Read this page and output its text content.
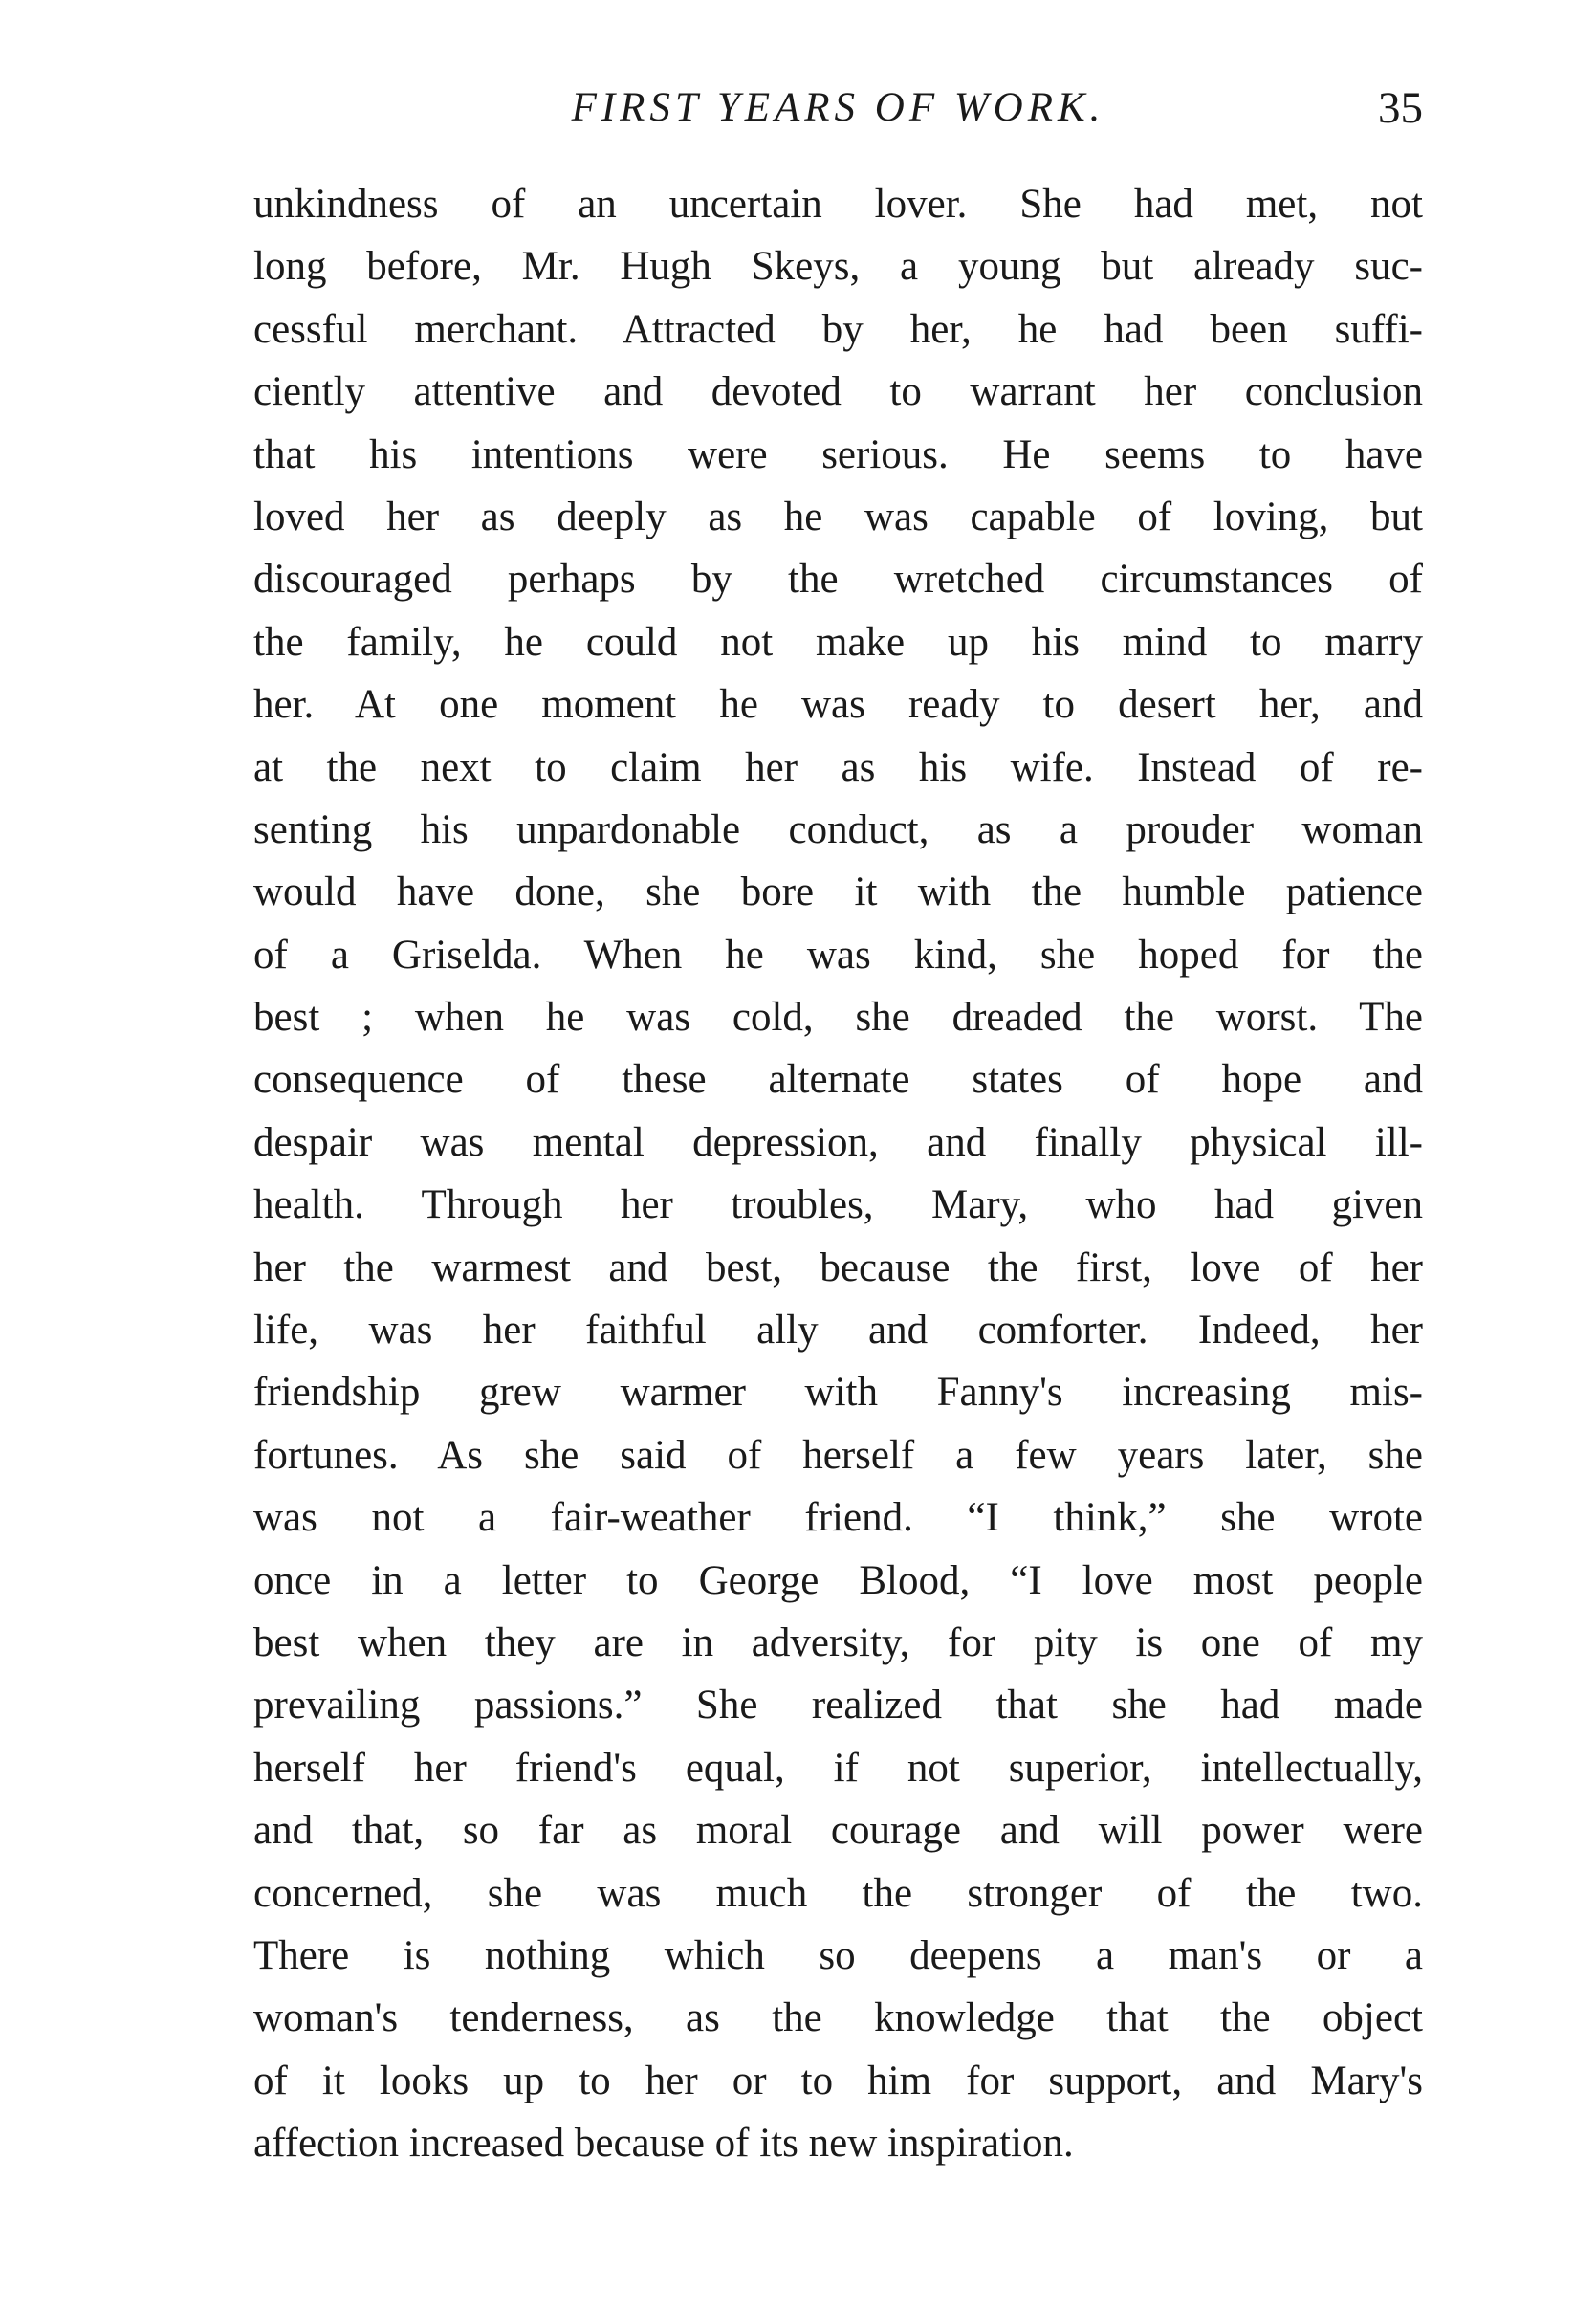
FIRST YEARS OF WORK.	35
unkindness of an uncertain lover. She had met, not
long before, Mr. Hugh Skeys, a young but already suc-
cessful merchant. Attracted by her, he had been suffi-
ciently attentive and devoted to warrant her conclusion
that his intentions were serious. He seems to have
loved her as deeply as he was capable of loving, but
discouraged perhaps by the wretched circumstances of
the family, he could not make up his mind to marry
her. At one moment he was ready to desert her, and
at the next to claim her as his wife. Instead of re-
senting his unpardonable conduct, as a prouder woman
would have done, she bore it with the humble patience
of a Griselda. When he was kind, she hoped for the
best ; when he was cold, she dreaded the worst. The
consequence of these alternate states of hope and
despair was mental depression, and finally physical ill-
health. Through her troubles, Mary, who had given
her the warmest and best, because the first, love of her
life, was her faithful ally and comforter. Indeed, her
friendship grew warmer with Fanny's increasing mis-
fortunes. As she said of herself a few years later, she
was not a fair-weather friend. “I think,” she wrote
once in a letter to George Blood, “I love most people
best when they are in adversity, for pity is one of my
prevailing passions.” She realized that she had made
herself her friend's equal, if not superior, intellectually,
and that, so far as moral courage and will power were
concerned, she was much the stronger of the two.
There is nothing which so deepens a man's or a
woman's tenderness, as the knowledge that the object
of it looks up to her or to him for support, and Mary's
affection increased because of its new inspiration.
